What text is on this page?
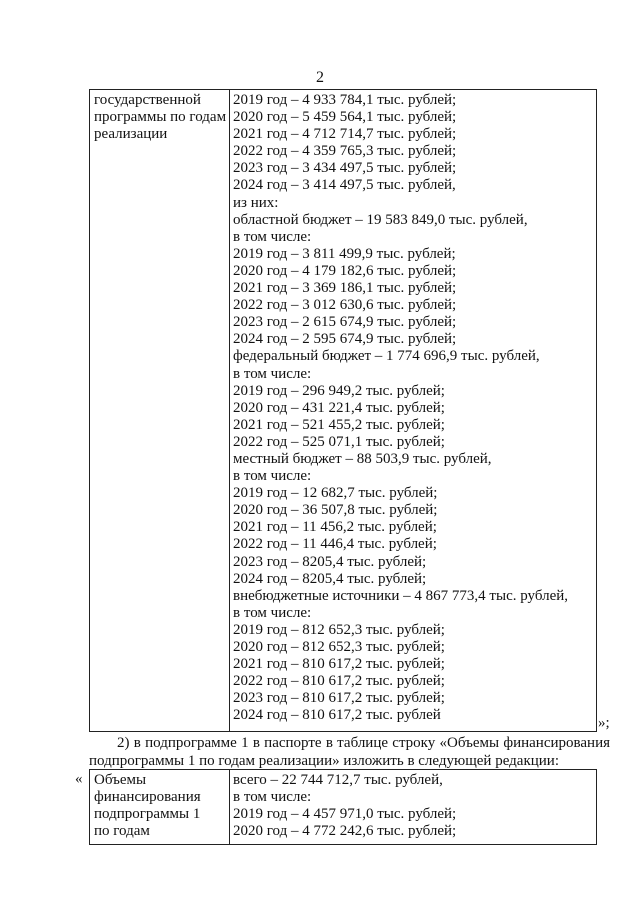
2
государственной
программы по годам
реализации
2019 год – 4 933 784,1 тыс. рублей;
2020 год – 5 459 564,1 тыс. рублей;
2021 год – 4 712 714,7 тыс. рублей;
2022 год – 4 359 765,3 тыс. рублей;
2023 год – 3 434 497,5 тыс. рублей;
2024 год – 3 414 497,5 тыс. рублей,
из них:
областной бюджет – 19 583 849,0 тыс. рублей,
в том числе:
2019 год – 3 811 499,9 тыс. рублей;
2020 год – 4 179 182,6 тыс. рублей;
2021 год – 3 369 186,1 тыс. рублей;
2022 год – 3 012 630,6 тыс. рублей;
2023 год – 2 615 674,9 тыс. рублей;
2024 год – 2 595 674,9 тыс. рублей;
федеральный бюджет – 1 774 696,9 тыс. рублей,
в том числе:
2019 год – 296 949,2 тыс. рублей;
2020 год – 431 221,4 тыс. рублей;
2021 год – 521 455,2 тыс. рублей;
2022 год – 525 071,1 тыс. рублей;
местный бюджет – 88 503,9 тыс. рублей,
в том числе:
2019 год – 12 682,7 тыс. рублей;
2020 год – 36 507,8 тыс. рублей;
2021 год – 11 456,2 тыс. рублей;
2022 год – 11 446,4 тыс. рублей;
2023 год – 8205,4 тыс. рублей;
2024 год – 8205,4 тыс. рублей;
внебюджетные источники – 4 867 773,4 тыс. рублей,
в том числе:
2019 год – 812 652,3 тыс. рублей;
2020 год – 812 652,3 тыс. рублей;
2021 год – 810 617,2 тыс. рублей;
2022 год – 810 617,2 тыс. рублей;
2023 год – 810 617,2 тыс. рублей;
2024 год – 810 617,2 тыс. рублей	»;
2) в подпрограмме 1 в паспорте в таблице строку «Объемы финансирования
подпрограммы 1 по годам реализации» изложить в следующей редакции:
« Объемы
финансирования
подпрограммы 1
по годам
всего – 22 744 712,7 тыс. рублей,
в том числе:
2019 год – 4 457 971,0 тыс. рублей;
2020 год – 4 772 242,6 тыс. рублей;
